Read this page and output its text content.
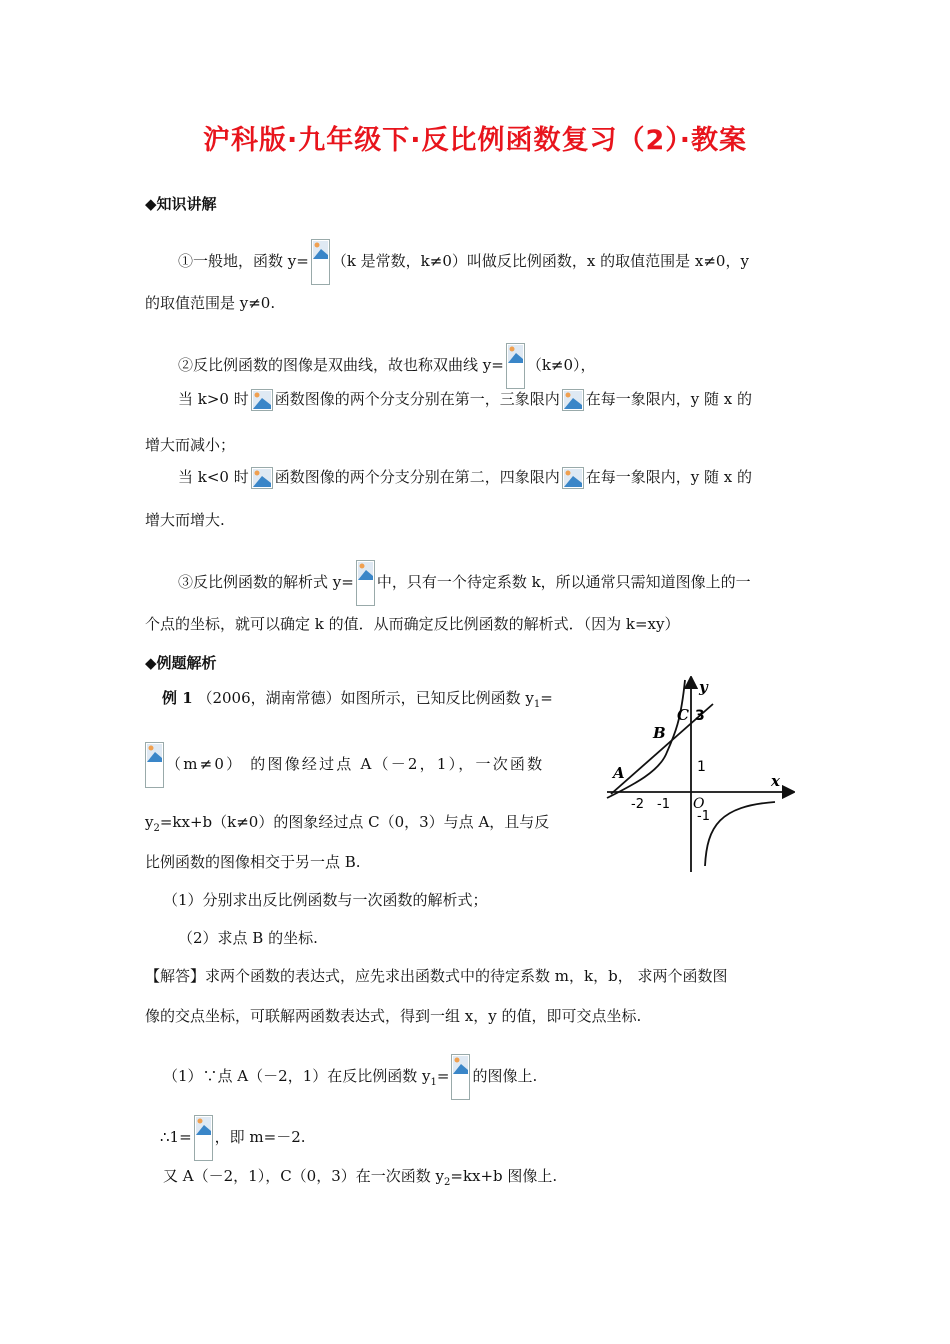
沪科版·九年级下·反比例函数复习（2）·教案
◆知识讲解
①一般地，函数 y= （k 是常数，k≠0）叫做反比例函数，x 的取值范围是 x≠0，y
的取值范围是 y≠0.
②反比例函数的图像是双曲线，故也称双曲线 y= （k≠0），
当 k>0 时 函数图像的两个分支分别在第一，三象限内 在每一象限内，y 随 x 的
增大而减小；
当 k<0 时 函数图像的两个分支分别在第二，四象限内 在每一象限内，y 随 x 的
增大而增大.
③反比例函数的解析式 y= 中，只有一个待定系数 k，所以通常只需知道图像上的一
个点的坐标，就可以确定 k 的值．从而确定反比例函数的解析式．（因为 k=xy）
◆例题解析
例 1 （2006，湖南常德）如图所示，已知反比例函数 $y_1=$
（m≠0） 的图像经过点 A（－2，1），一次函数
$y_2=kx+b(k\ne 0)$的图象经过点 C（0，3）与点 A，且与反
比例函数的图像相交于另一点 B.
y
x
C
B
A
O
3
1
-2 -1
-1
（1）分别求出反比例函数与一次函数的解析式；
（2）求点 B 的坐标.
【解答】求两个函数的表达式，应先求出函数式中的待定系数 m，k，b， 求两个函数图
像的交点坐标，可联解两函数表达式，得到一组 x，y 的值，即可交点坐标.
（1）∵点 A（－2，1）在反比例函数 $y_1=$ 的图像上.
∴1= ，即 m=－2.
又 A（－2，1），C（0，3）在一次函数 $y_2=kx+b$ 图像上.
